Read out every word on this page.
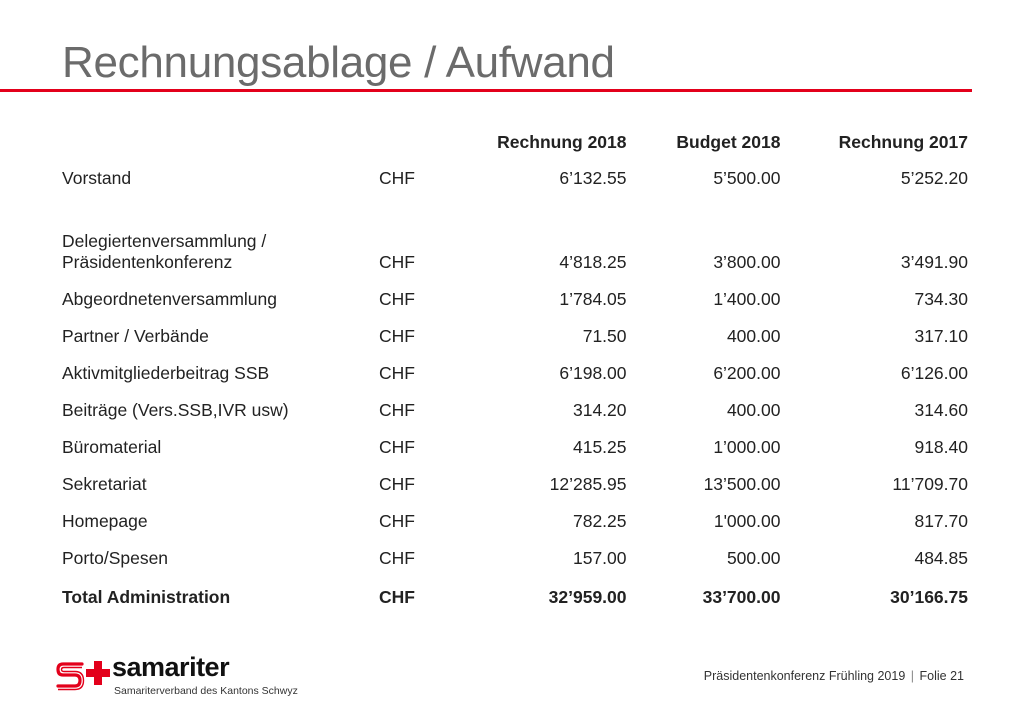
Rechnungsablage / Aufwand
		Rechnung 2018	Budget 2018	Rechnung 2017
Vorstand	CHF	6’132.55	5’500.00	5’252.20
Delegiertenversammlung /
Präsidentenkonferenz	CHF	4’818.25	3’800.00	3’491.90
Abgeordnetenversammlung	CHF	1’784.05	1’400.00	734.30
Partner / Verbände	CHF	71.50	400.00	317.10
Aktivmitgliederbeitrag SSB	CHF	6’198.00	6’200.00	6’126.00
Beiträge (Vers.SSB,IVR usw)	CHF	314.20	400.00	314.60
Büromaterial	CHF	415.25	1’000.00	918.40
Sekretariat	CHF	12’285.95	13’500.00	11’709.70
Homepage	CHF	782.25	1'000.00	817.70
Porto/Spesen	CHF	157.00	500.00	484.85
Total Administration	CHF	32’959.00	33’700.00	30’166.75
samariter
Samariterverband des Kantons Schwyz
Präsidentenkonferenz Frühling 2019 | Folie 21
